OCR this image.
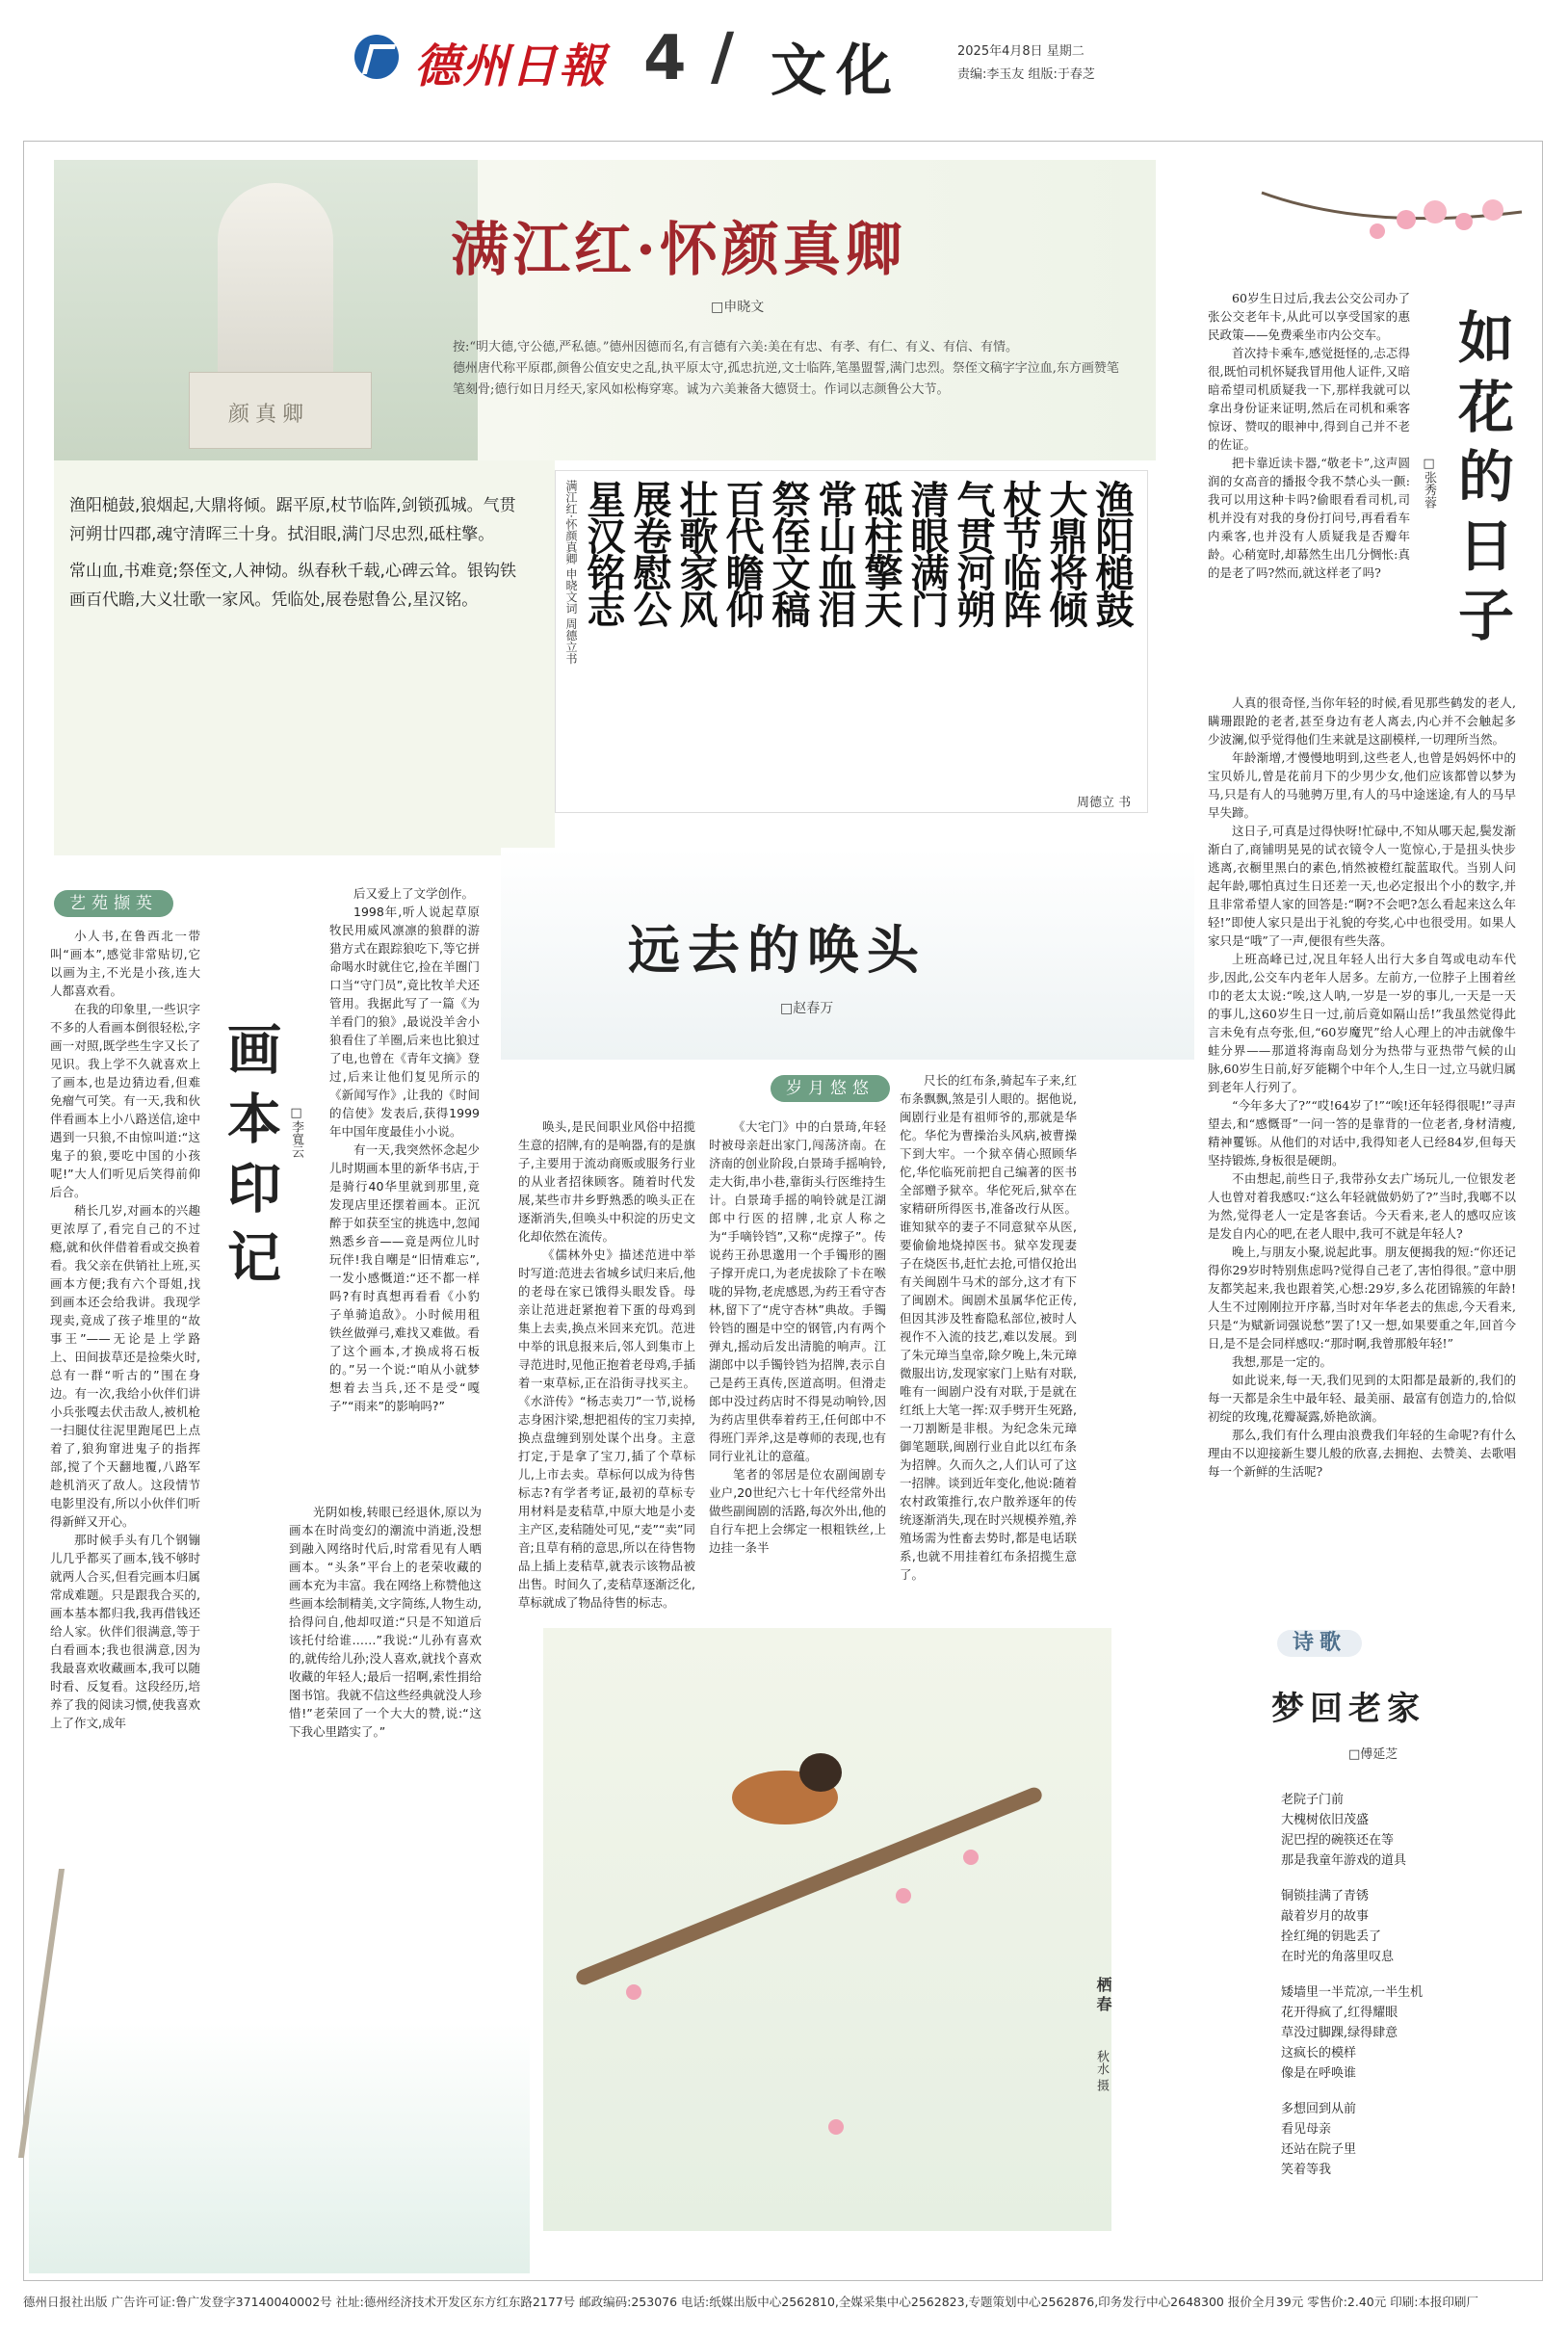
德州日報 4 / 文化	2025年4月8日 星期二
责编:李玉友 组版:于春芝
颜真卿
满江红·怀颜真卿
□申晓文

按:“明大德,守公德,严私德。”德州因德而名,有言德有六美:美在有忠、有孝、有仁、有义、有信、有情。

德州唐代称平原郡,颜鲁公值安史之乱,执平原太守,孤忠抗逆,文士临阵,笔墨盟誓,满门忠烈。祭侄文稿字字泣血,东方画赞笔笔刻骨;德行如日月经天,家风如松梅穿寒。诚为六美兼备大德贤士。作词以志颜鲁公大节。

渔阳槌鼓,狼烟起,大鼎将倾。踞平原,杖节临阵,剑锁孤城。气贯河朔廿四郡,魂守清晖三十身。拭泪眼,满门尽忠烈,砥柱擎。

常山血,书难竟;祭侄文,人神恸。纵春秋千载,心碑云耸。银钩铁画百代瞻,大义壮歌一家风。凭临处,展卷慰鲁公,星汉铭。	渔阳槌鼓
大鼎将倾
杖节临阵
气贯河朔
清眼满门
砥柱擎天
常山血泪
祭侄文稿
百代瞻仰
壮歌家风
展卷慰公
星汉铭志
满江红·怀颜真卿 申晓文词 周德立书
周德立 书
艺苑撷英
岁月悠悠
诗歌

小人书,在鲁西北一带叫“画本”,感觉非常贴切,它以画为主,不光是小孩,连大人都喜欢看。

在我的印象里,一些识字不多的人看画本倒很轻松,字画一对照,既学些生字又长了见识。我上学不久就喜欢上了画本,也是边猜边看,但难免瘤气可笑。有一天,我和伙伴看画本上小八路送信,途中遇到一只狼,不由惊叫道:“这鬼子的狼,要吃中国的小孩呢!”大人们听见后笑得前仰后合。

稍长几岁,对画本的兴趣更浓厚了,看完自己的不过瘾,就和伙伴借着看或交换着看。我父亲在供销社上班,买画本方便;我有六个哥姐,找到画本还会给我讲。我现学现卖,竟成了孩子堆里的“故事王”——无论是上学路上、田间拔草还是捡柴火时,总有一群“听古的”围在身边。有一次,我给小伙伴们讲小兵张嘎去伏击敌人,被机枪一扫腿仗往泥里跑尾巴上点着了,狼狗窜进鬼子的指挥部,搅了个天翻地覆,八路军趁机消灭了敌人。这段情节电影里没有,所以小伙伴们听得新鲜又开心。

那时候手头有几个钢镚儿几乎都买了画本,钱不够时就两人合买,但看完画本归属常成难题。只是跟我合买的,画本基本都归我,我再借钱还给人家。伙伴们很满意,等于白看画本;我也很满意,因为我最喜欢收藏画本,我可以随时看、反复看。这段经历,培养了我的阅读习惯,使我喜欢上了作文,成年

画本印记 □李寬云

后又爱上了文学创作。

1998年,听人说起草原牧民用威风凛凛的狼群的游猎方式在跟踪狼吃下,等它拼命喝水时就住它,捡在羊圈门口当“守门员”,竟比牧羊犬还管用。我据此写了一篇《为羊看门的狼》,最说没羊舍小狼看住了羊圈,后来也比狼过了电,也曾在《青年文摘》登过,后来让他们复见所示的《新闻写作》,让我的《时间的信使》发表后,获得1999年中国年度最佳小小说。

有一天,我突然怀念起少儿时期画本里的新华书店,于是骑行40华里就到那里,竟发现店里还摆着画本。正沉醉于如获至宝的挑选中,忽闻熟悉乡音——竟是两位儿时玩伴!我自嘲是“旧情难忘”,一发小感慨道:“还不都一样吗?有时真想再看看《小豹子单骑追敌》。小时候用租铁丝做弹弓,难找又难做。看了这个画本,才换成将石板的。”另一个说:“咱从小就梦想着去当兵,还不是受“嘎子”“雨来”的影响吗?”

光阴如梭,转眼已经退休,原以为画本在时尚变幻的潮流中消逝,没想到融入网络时代后,时常看见有人晒画本。“头条”平台上的老荣收藏的画本充为丰富。我在网络上称赞他这些画本绘制精美,文字简练,人物生动,拾得问自,他却叹道:“只是不知道后该托付给谁……”我说:“儿孙有喜欢的,就传给儿孙;没人喜欢,就找个喜欢收藏的年轻人;最后一招啊,索性捐给图书馆。我就不信这些经典就没人珍惜!”老荣回了一个大大的赞,说:“这下我心里踏实了。”

远去的唤头
□赵春万

唤头,是民间职业风俗中招揽生意的招牌,有的是响器,有的是旗子,主要用于流动商贩或服务行业的从业者招徕顾客。随着时代发展,某些市井乡野熟悉的唤头正在逐渐消失,但唤头中积淀的历史文化却依然在流传。

《儒林外史》描述范进中举时写道:范进去省城乡试归来后,他的老母在家已饿得头眼发昏。母亲让范进赶紧抱着下蛋的母鸡到集上去卖,换点米回来充饥。范进中举的讯息报来后,邻人到集市上寻范进时,见他正抱着老母鸡,手插着一束草标,正在沿街寻找买主。《水浒传》“杨志卖刀”一节,说杨志身困汴梁,想把祖传的宝刀卖掉,换点盘缠到别处谋个出身。主意打定,于是拿了宝刀,插了个草标儿,上市去卖。草标何以成为待售标志?有学者考证,最初的草标专用材料是麦秸草,中原大地是小麦主产区,麦秸随处可见,“麦”“卖”同音;且草有稍的意思,所以在待售物品上插上麦秸草,就表示该物品被出售。时间久了,麦秸草逐渐泛化,草标就成了物品待售的标志。

《大宅门》中的白景琦,年轻时被母亲赶出家门,闯荡济南。在济南的创业阶段,白景琦手摇响铃,走大街,串小巷,靠街头行医维持生计。白景琦手摇的响铃就是江湖郎中行医的招牌,北京人称之为“手嘀铃铛”,又称“虎撑子”。传说药王孙思邈用一个手镯形的圈子撑开虎口,为老虎拔除了卡在喉咙的异物,老虎感恩,为药王看守杏林,留下了“虎守杏林”典故。手镯铃铛的圈是中空的钢管,内有两个弹丸,摇动后发出清脆的响声。江湖郎中以手镯铃铛为招牌,表示自己是药王真传,医道高明。但滑走郎中没过药店时不得晃动响铃,因为药店里供奉着药王,任何郎中不得班门弄斧,这是尊师的表现,也有同行业礼让的意蕴。

笔者的邻居是位农副闽剧专业户,20世纪六七十年代经常外出做些副闽剧的活路,每次外出,他的自行车把上会绑定一根粗铁丝,上边挂一条半

尺长的红布条,骑起车子来,红布条飘飘,煞是引人眼的。据他说,闽剧行业是有祖师爷的,那就是华佗。华佗为曹操治头风病,被曹操下到大牢。一个狱卒倩心照顾华佗,华佗临死前把自己编著的医书全部赠予狱卒。华佗死后,狱卒在家精研所得医书,准备改行从医。谁知狱卒的妻子不同意狱卒从医,要偷偷地烧掉医书。狱卒发现妻子在烧医书,赶忙去抢,可惜仅抢出有关闽剧牛马术的部分,这才有下了闽剧术。闽剧术虽属华佗正传,但因其涉及牲畜隐私部位,被时人视作不入流的技艺,难以发展。到了朱元璋当皇帝,除夕晚上,朱元璋微服出访,发现家家门上贴有对联,唯有一闽剧户没有对联,于是就在红纸上大笔一挥:双手劈开生死路,一刀割断是非根。为纪念朱元璋御笔题联,闽剧行业自此以红布条为招牌。久而久之,人们认可了这一招牌。谈到近年变化,他说:随着农村政策推行,农户散养逐年的传统逐渐消失,现在时兴规模养殖,养殖场需为性畜去势时,都是电话联系,也就不用挂着红布条招揽生意了。

栖春
秋水 摄
如花的日子
□张秀蓉

60岁生日过后,我去公交公司办了张公交老年卡,从此可以享受国家的惠民政策——免费乘坐市内公交车。

首次持卡乘车,感觉挺怪的,忐忑得很,既怕司机怀疑我冒用他人证件,又暗暗希望司机质疑我一下,那样我就可以拿出身份证来证明,然后在司机和乘客惊讶、赞叹的眼神中,得到自己并不老的佐证。

把卡靠近读卡器,“敬老卡”,这声圆润的女高音的播报令我不禁心头一颤:我可以用这种卡吗?偷眼看看司机,司机并没有对我的身份打问号,再看看车内乘客,也并没有人质疑我是否瓣年龄。心稍宽时,却幕然生出几分惆怅:真的是老了吗?然而,就这样老了吗?

人真的很奇怪,当你年轻的时候,看见那些鹤发的老人,瞒珊跟跄的老者,甚至身边有老人离去,内心并不会触起多少波澜,似乎觉得他们生来就是这副模样,一切理所当然。

年龄渐增,才慢慢地明到,这些老人,也曾是妈妈怀中的宝贝娇儿,曾是花前月下的少男少女,他们应该都曾以梦为马,只是有人的马驰骋万里,有人的马中途迷途,有人的马早早失蹄。

这日子,可真是过得快呀!忙碌中,不知从哪天起,鬓发渐渐白了,商铺明晃晃的试衣镜令人一览惊心,于是扭头快步逃离,衣橱里黑白的素色,悄然被橙红靛蓝取代。当别人问起年龄,哪怕真过生日还差一天,也必定报出个小的数字,并且非常希望人家的回答是:“啊?不会吧?怎么看起来这么年轻!”即使人家只是出于礼貌的夸奖,心中也很受用。如果人家只是“哦”了一声,便很有些失落。

上班高峰已过,况且年轻人出行大多自驾或电动车代步,因此,公交车内老年人居多。左前方,一位脖子上围着丝巾的老太太说:“唉,这人呐,一岁是一岁的事儿,一天是一天的事儿,这60岁生日一过,前后竟如隔山岳!”我虽然觉得此言未免有点夸张,但,“60岁魔咒”给人心理上的冲击就像牛蛙分界——那道将海南岛划分为热带与亚热带气候的山脉,60岁生日前,好歹能糊个中年个人,生日一过,立马就归属到老年人行列了。

“今年多大了?”“哎!64岁了!”“唉!还年轻得很呢!”寻声望去,和“感慨哥”一问一答的是靠背的一位老者,身材清瘦,精神矍铄。从他们的对话中,我得知老人已经84岁,但每天坚持锻炼,身板很是硬朗。

不由想起,前些日子,我带孙女去广场玩儿,一位银发老人也曾对着我感叹:“这么年轻就做奶奶了?”当时,我啷不以为然,觉得老人一定是客套话。今天看来,老人的感叹应该是发自内心的吧,在老人眼中,我可不就是年轻人?

晚上,与朋友小聚,说起此事。朋友便揭我的短:“你还记得你29岁时特别焦虑吗?觉得自己老了,害怕得很。”意中朋友都笑起来,我也跟着笑,心想:29岁,多么花团锦簇的年龄!人生不过刚刚拉开序幕,当时对年华老去的焦虑,今天看来,只是“为赋新词强说愁”罢了!又一想,如果要重之年,回首今日,是不是会同样感叹:“那时啊,我曾那般年轻!”

我想,那是一定的。

如此说来,每一天,我们见到的太阳都是最新的,我们的每一天都是余生中最年轻、最美丽、最富有创造力的,恰似初绽的玫瑰,花瓣凝露,娇艳欲滴。

那么,我们有什么理由浪费我们年轻的生命呢?有什么理由不以迎接新生婴儿般的欣喜,去拥抱、去赞美、去歌唱每一个新鲜的生活呢?

梦回老家
□傅延芝
老院子门前
大槐树依旧茂盛
泥巴捏的碗筷还在等
那是我童年游戏的道具
铜锁挂满了青锈
敲着岁月的故事
拴红绳的钥匙丢了
在时光的角落里叹息
矮墙里一半荒凉,一半生机
花开得疯了,红得耀眼
草没过脚踝,绿得肆意
这疯长的模样
像是在呼唤谁
多想回到从前
看见母亲
还站在院子里
笑着等我
德州日报社出版 广告许可证:鲁广发登字37140040002号 社址:德州经济技术开发区东方红东路2177号 邮政编码:253076 电话:纸媒出版中心2562810,全媒采集中心2562823,专题策划中心2562876,印务发行中心2648300 报价全月39元 零售价:2.40元 印刷:本报印刷厂
